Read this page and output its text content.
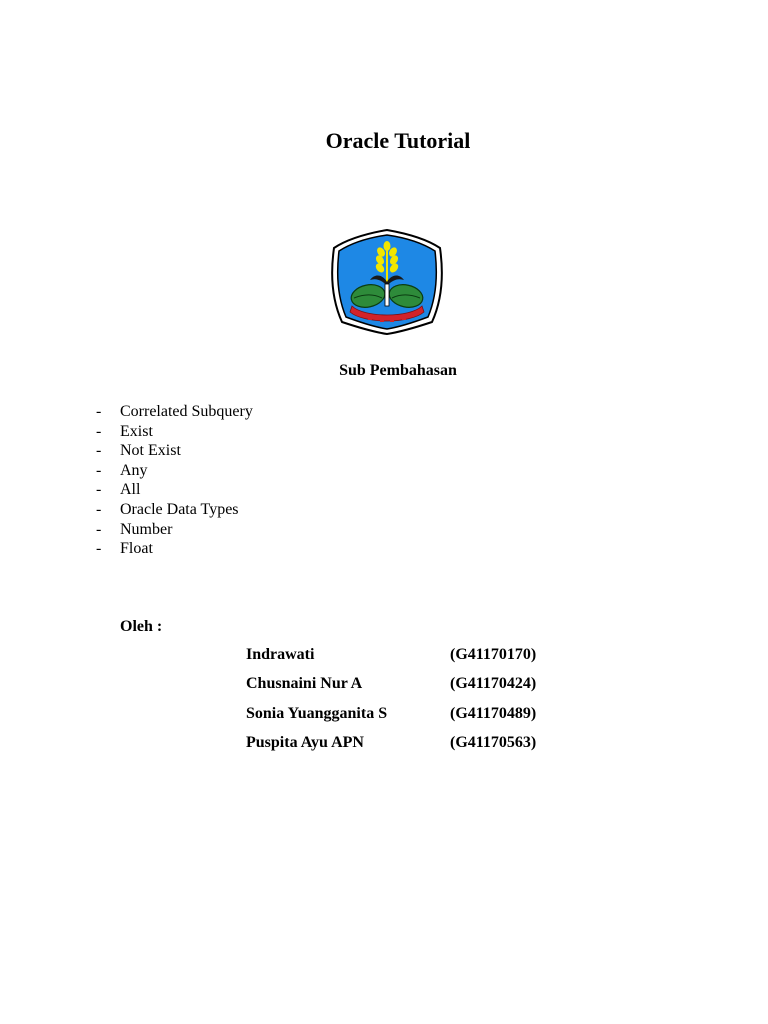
Oracle Tutorial
Sub Pembahasan
- Correlated Subquery
- Exist
- Not Exist
- Any
- All
- Oracle Data Types
- Number
- Float
Oleh :
Indrawati	(G41170170)
Chusnaini Nur A	(G41170424)
Sonia Yuangganita S	(G41170489)
Puspita Ayu APN	(G41170563)
